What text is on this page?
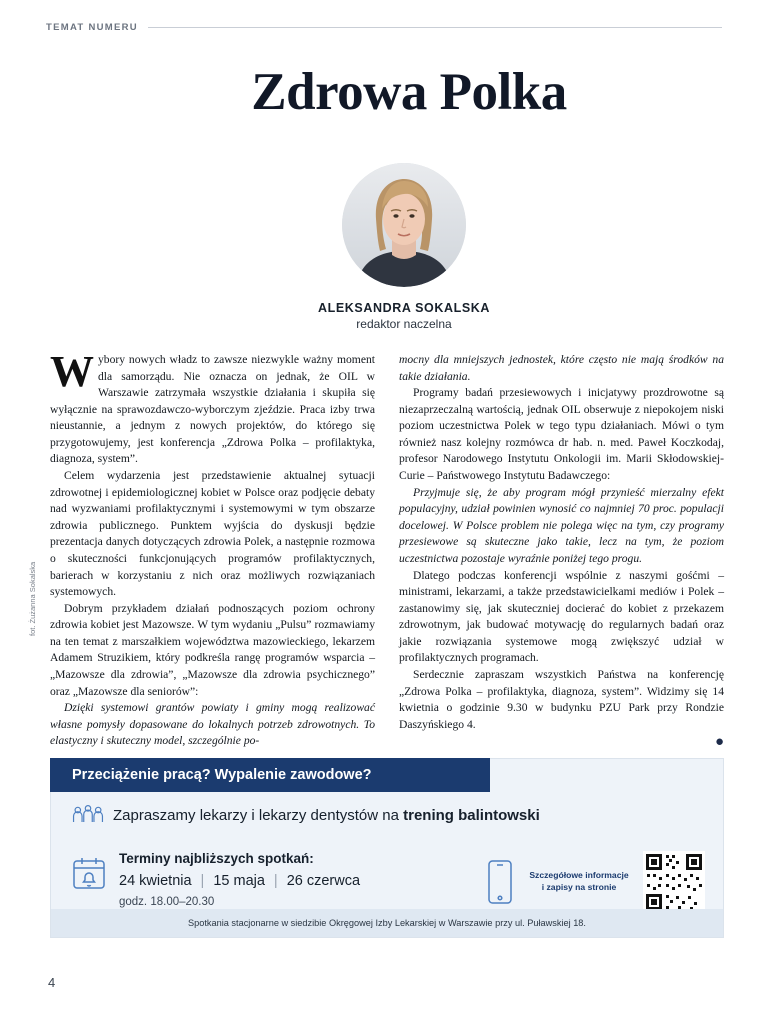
TEMAT NUMERU
Zdrowa Polka
ALEKSANDRA SOKALSKA
redaktor naczelna
fot. Żużanna Sokalska

Wybory nowych władz to zawsze niezwykle ważny moment dla samorządu. Nie oznacza on jednak, że OIL w Warszawie zatrzymała wszystkie działania i skupiła się wyłącznie na sprawozdawczo-wyborczym zjeździe. Praca izby trwa nieustannie, a jednym z nowych projektów, do którego się przygotowujemy, jest konferencja „Zdrowa Polka – profilaktyka, diagnoza, system”.

Celem wydarzenia jest przedstawienie aktualnej sytuacji zdrowotnej i epidemiologicznej kobiet w Polsce oraz podjęcie debaty nad wyzwaniami profilaktycznymi i systemowymi w tym obszarze zdrowia publicznego. Punktem wyjścia do dyskusji będzie prezentacja danych dotyczących zdrowia Polek, a następnie rozmowa o skuteczności funkcjonujących programów profilaktycznych, barierach w korzystaniu z nich oraz możliwych rozwiązaniach systemowych.

Dobrym przykładem działań podnoszących poziom ochrony zdrowia kobiet jest Mazowsze. W tym wydaniu „Pulsu” rozmawiamy na ten temat z marszałkiem województwa mazowieckiego, lekarzem Adamem Struzikiem, który podkreśla rangę programów wsparcia – „Mazowsze dla zdrowia”, „Mazowsze dla zdrowia psychicznego” oraz „Mazowsze dla seniorów”:

Dzięki systemowi grantów powiaty i gminy mogą realizować własne pomysły dopasowane do lokalnych potrzeb zdrowotnych. To elastyczny i skuteczny model, szczególnie po-

mocny dla mniejszych jednostek, które często nie mają środków na takie działania.

Programy badań przesiewowych i inicjatywy prozdrowotne są niezaprzeczalną wartością, jednak OIL obserwuje z niepokojem niski poziom uczestnictwa Polek w tego typu działaniach. Mówi o tym również nasz kolejny rozmówca dr hab. n. med. Paweł Koczkodaj, profesor Narodowego Instytutu Onkologii im. Marii Skłodowskiej-Curie – Państwowego Instytutu Badawczego:

Przyjmuje się, że aby program mógł przynieść mierzalny efekt populacyjny, udział powinien wynosić co najmniej 70 proc. populacji docelowej. W Polsce problem nie polega więc na tym, czy programy przesiewowe są skuteczne jako takie, lecz na tym, że poziom uczestnictwa pozostaje wyraźnie poniżej tego progu.

Dlatego podczas konferencji wspólnie z naszymi gośćmi – ministrami, lekarzami, a także przedstawicielkami mediów i Polek – zastanowimy się, jak skuteczniej docierać do kobiet z przekazem zdrowotnym, jak budować motywację do regularnych badań oraz jakie rozwiązania systemowe mogą zwiększyć udział w profilaktycznych programach.

Serdecznie zapraszam wszystkich Państwa na konferencję „Zdrowa Polka – profilaktyka, diagnoza, system”. Widzimy się 14 kwietnia o godzinie 9.30 w budynku PZU Park przy Rondzie Daszyńskiego 4.

●
Przeciążenie pracą? Wypalenie zawodowe?
Zapraszamy lekarzy i lekarzy dentystów na trening balintowski
Terminy najbliższych spotkań:
24 kwietnia | 15 maja | 26 czerwca
godz. 18.00–20.30
Szczegółowe informacje
i zapisy na stronie
Spotkania stacjonarne w siedzibie Okręgowej Izby Lekarskiej w Warszawie przy ul. Puławskiej 18.
4
